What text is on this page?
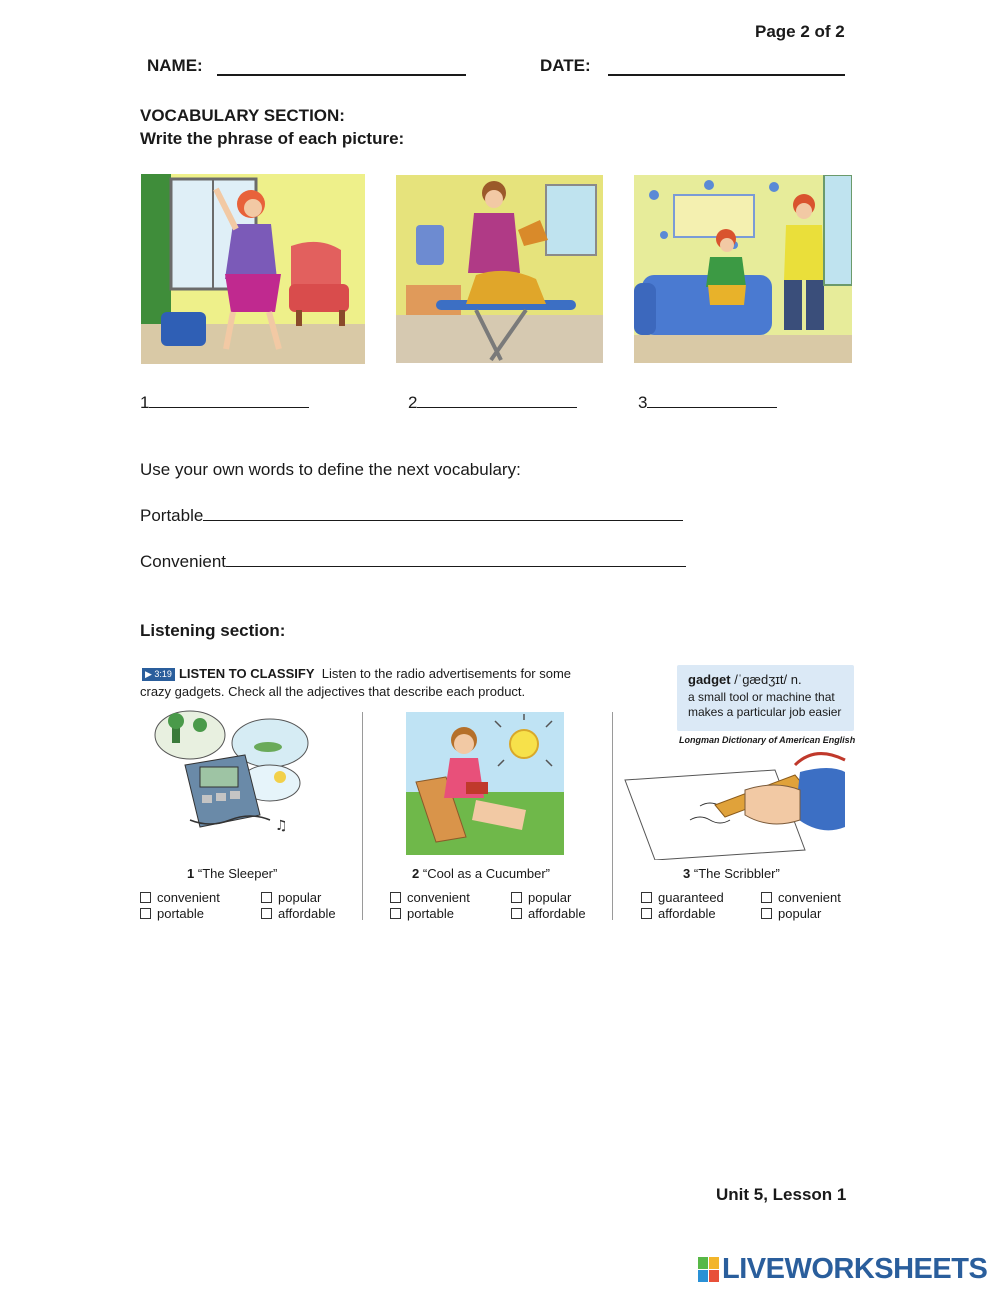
Page 2 of 2
NAME:	DATE:
VOCABULARY SECTION:
Write the phrase of each picture:
1	2	3
Use your own words to define the next vocabulary:
Portable
Convenient
Listening section:
▶ 3:19 LISTEN TO CLASSIFY Listen to the radio advertisements for some
crazy gadgets. Check all the adjectives that describe each product.
gadget /ˈgædʒɪt/ n.
a small tool or machine that
makes a particular job easier
Longman Dictionary of American English
♫
1 “The Sleeper”	2 “Cool as a Cucumber”	3 “The Scribbler”
convenient	popular
portable	affordable
convenient	popular
portable	affordable
guaranteed	convenient
affordable	popular
Unit 5, Lesson 1
LIVEWORKSHEETS
